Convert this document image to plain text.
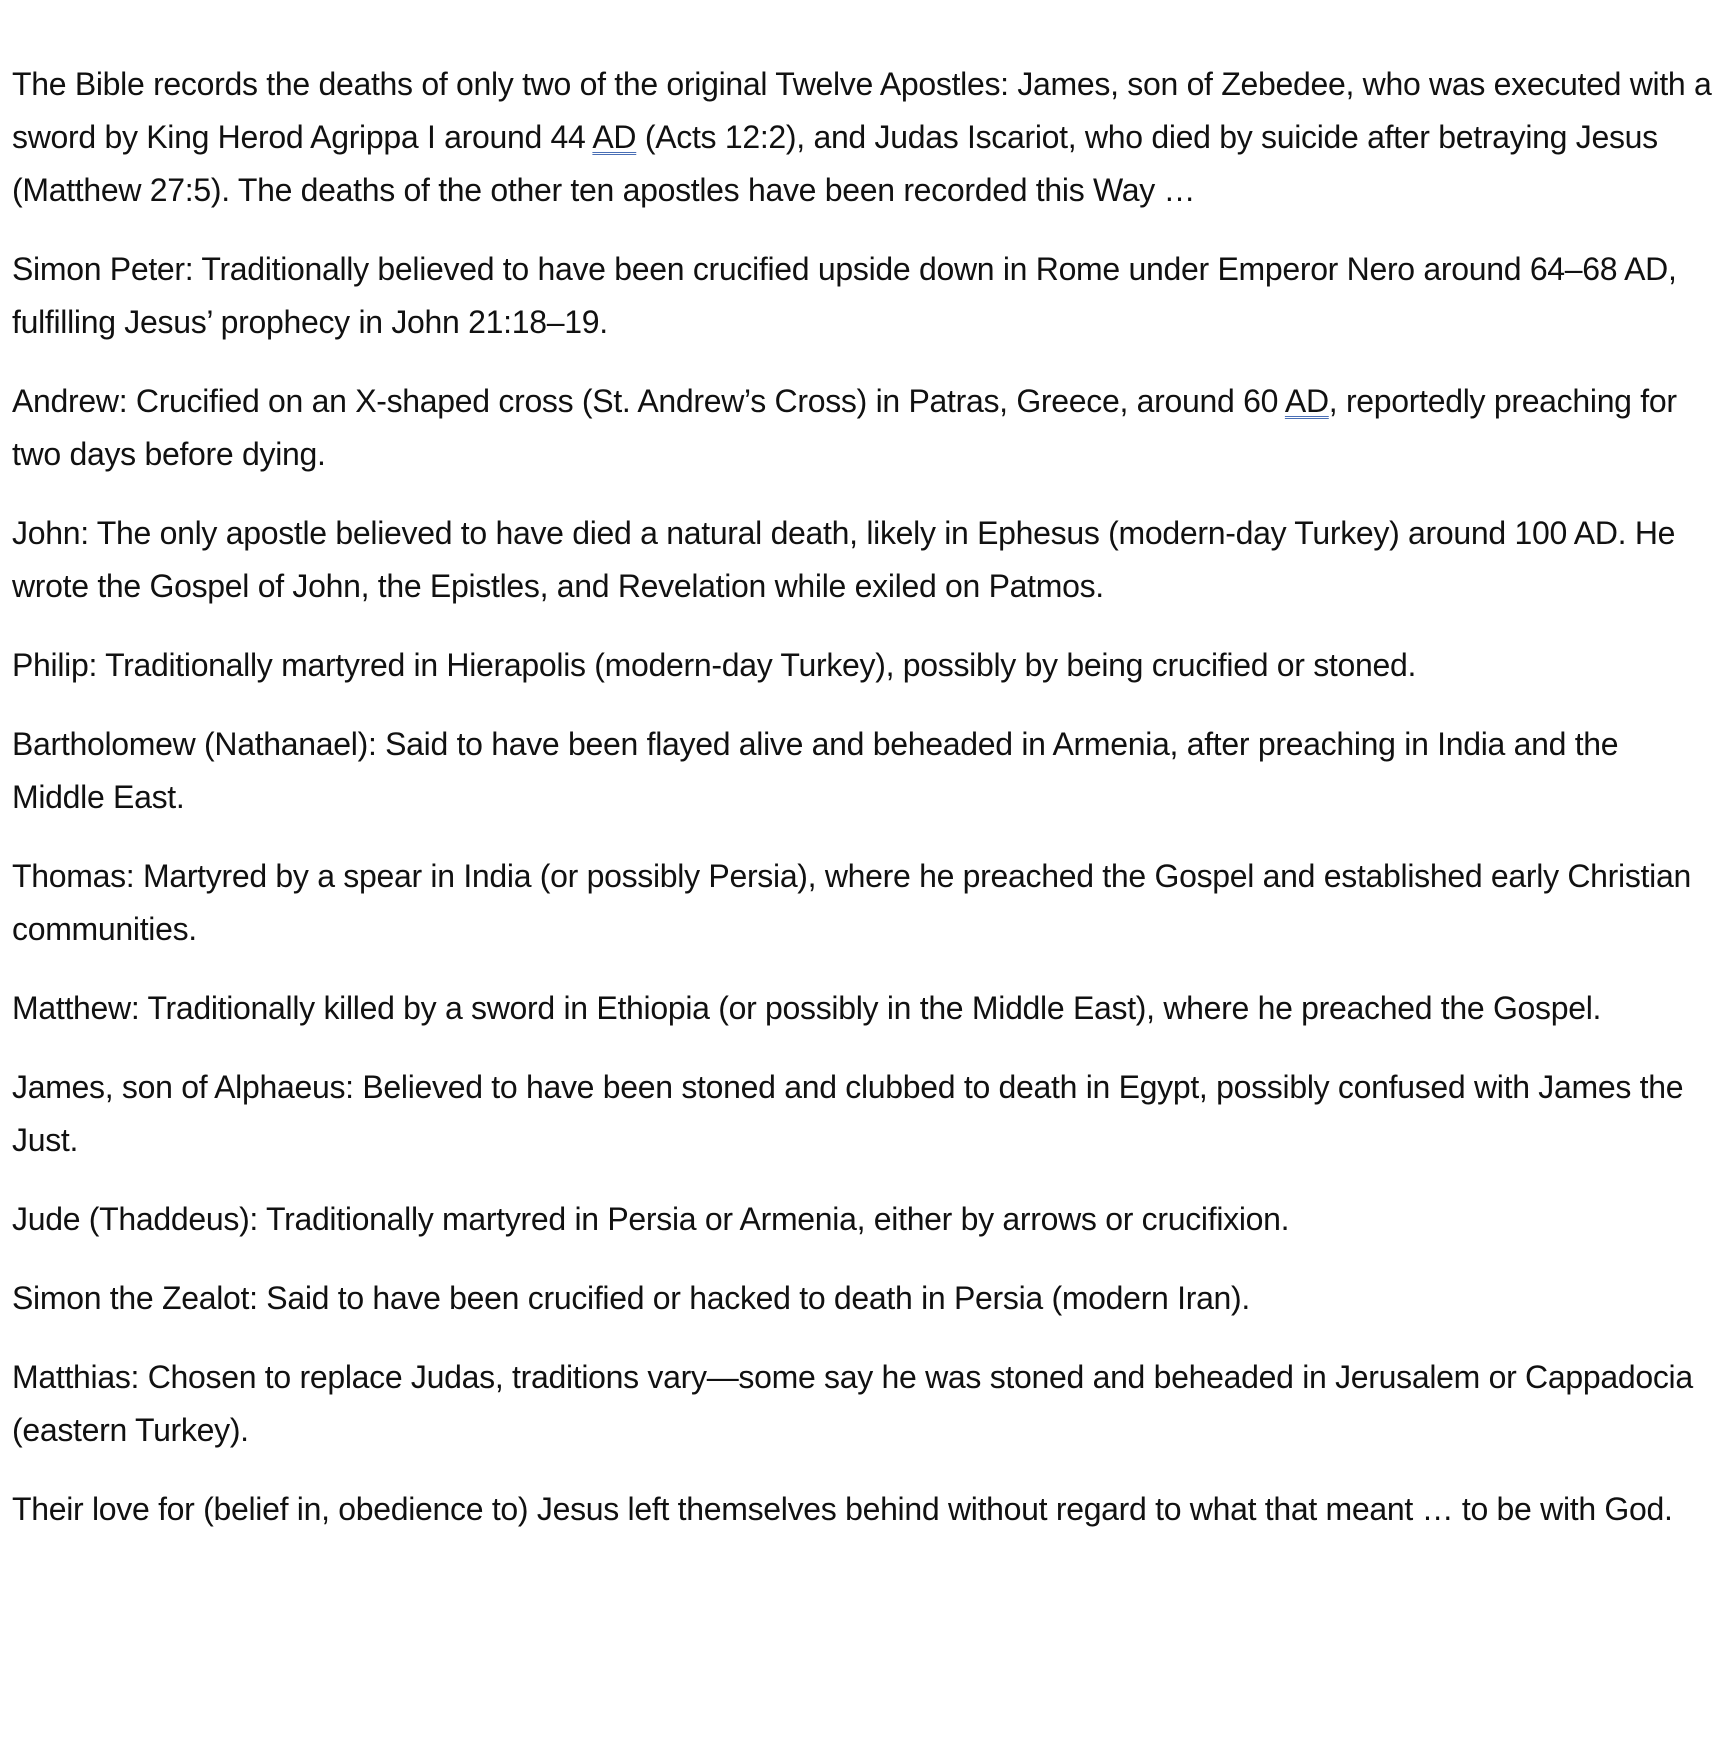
The Bible records the deaths of only two of the original Twelve Apostles: James, son of Zebedee, who was executed with a sword by King Herod Agrippa I around 44 AD (Acts 12:2), and Judas Iscariot, who died by suicide after betraying Jesus (Matthew 27:5). The deaths of the other ten apostles have been recorded this Way …

Simon Peter: Traditionally believed to have been crucified upside down in Rome under Emperor Nero around 64–68 AD, fulfilling Jesus’ prophecy in John 21:18–19.

Andrew: Crucified on an X-shaped cross (St. Andrew’s Cross) in Patras, Greece, around 60 AD, reportedly preaching for two days before dying.

John: The only apostle believed to have died a natural death, likely in Ephesus (modern-day Turkey) around 100 AD. He wrote the Gospel of John, the Epistles, and Revelation while exiled on Patmos.

Philip: Traditionally martyred in Hierapolis (modern-day Turkey), possibly by being crucified or stoned.

Bartholomew (Nathanael): Said to have been flayed alive and beheaded in Armenia, after preaching in India and the Middle East.

Thomas: Martyred by a spear in India (or possibly Persia), where he preached the Gospel and established early Christian communities.

Matthew: Traditionally killed by a sword in Ethiopia (or possibly in the Middle East), where he preached the Gospel.

James, son of Alphaeus: Believed to have been stoned and clubbed to death in Egypt, possibly confused with James the Just.

Jude (Thaddeus): Traditionally martyred in Persia or Armenia, either by arrows or crucifixion.

Simon the Zealot: Said to have been crucified or hacked to death in Persia (modern Iran).

Matthias: Chosen to replace Judas, traditions vary—some say he was stoned and beheaded in Jerusalem or Cappadocia (eastern Turkey).

Their love for (belief in, obedience to) Jesus left themselves behind without regard to what that meant … to be with God.
